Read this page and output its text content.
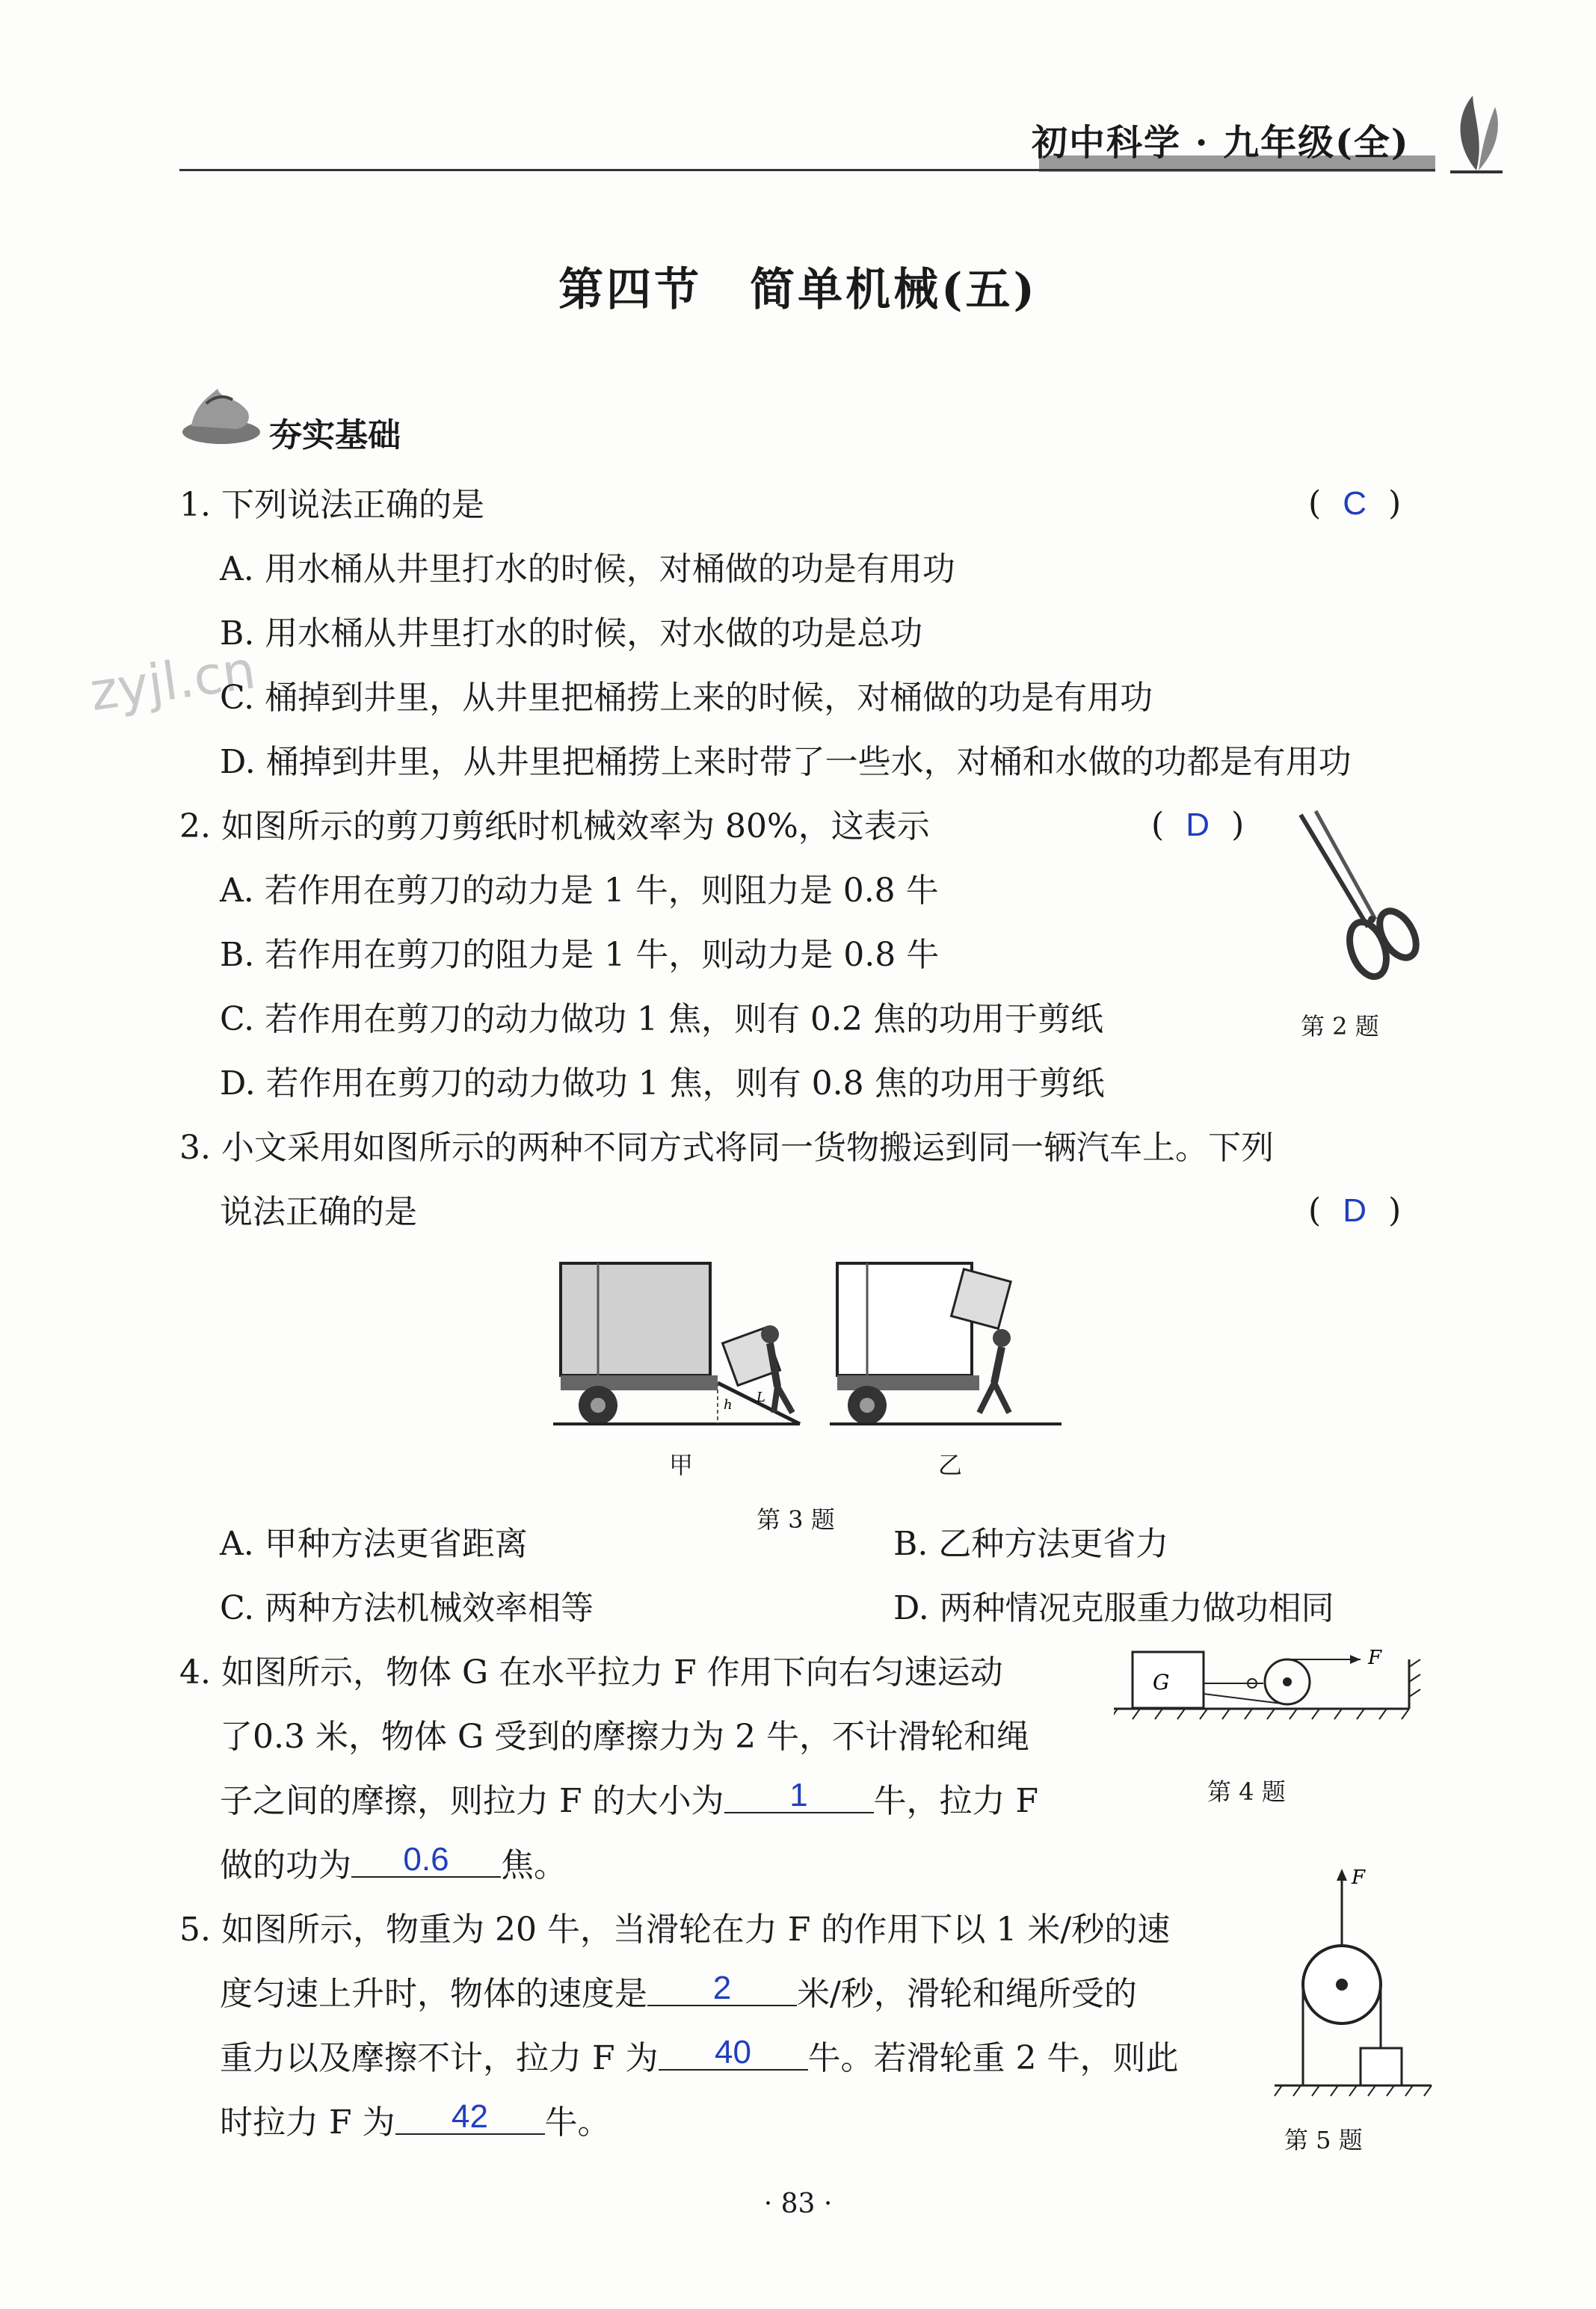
初中科学 · 九年级(全)
第四节　简单机械(五)
夯实基础
zyjl.cn
1. 下列说法正确的是	( C )
A. 用水桶从井里打水的时候，对桶做的功是有用功
B. 用水桶从井里打水的时候，对水做的功是总功
C. 桶掉到井里，从井里把桶捞上来的时候，对桶做的功是有用功
D. 桶掉到井里，从井里把桶捞上来时带了一些水，对桶和水做的功都是有用功
2. 如图所示的剪刀剪纸时机械效率为 80%，这表示	( D )
A. 若作用在剪刀的动力是 1 牛，则阻力是 0.8 牛
B. 若作用在剪刀的阻力是 1 牛，则动力是 0.8 牛
C. 若作用在剪刀的动力做功 1 焦，则有 0.2 焦的功用于剪纸
D. 若作用在剪刀的动力做功 1 焦，则有 0.8 焦的功用于剪纸
第 2 题
3. 小文采用如图所示的两种不同方式将同一货物搬运到同一辆汽车上。下列
说法正确的是	( D )
h L
甲	乙
第 3 题
A. 甲种方法更省距离	B. 乙种方法更省力
C. 两种方法机械效率相等	D. 两种情况克服重力做功相同
4. 如图所示，物体 G 在水平拉力 F 作用下向右匀速运动
了0.3 米，物体 G 受到的摩擦力为 2 牛，不计滑轮和绳
子之间的摩擦，则拉力 F 的大小为 1 牛，拉力 F
做的功为 0.6 焦。
G
F
第 4 题
5. 如图所示，物重为 20 牛，当滑轮在力 F 的作用下以 1 米/秒的速
度匀速上升时，物体的速度是 2 米/秒，滑轮和绳所受的
重力以及摩擦不计，拉力 F 为 40 牛。若滑轮重 2 牛，则此
时拉力 F 为 42 牛。
F
第 5 题
· 83 ·
